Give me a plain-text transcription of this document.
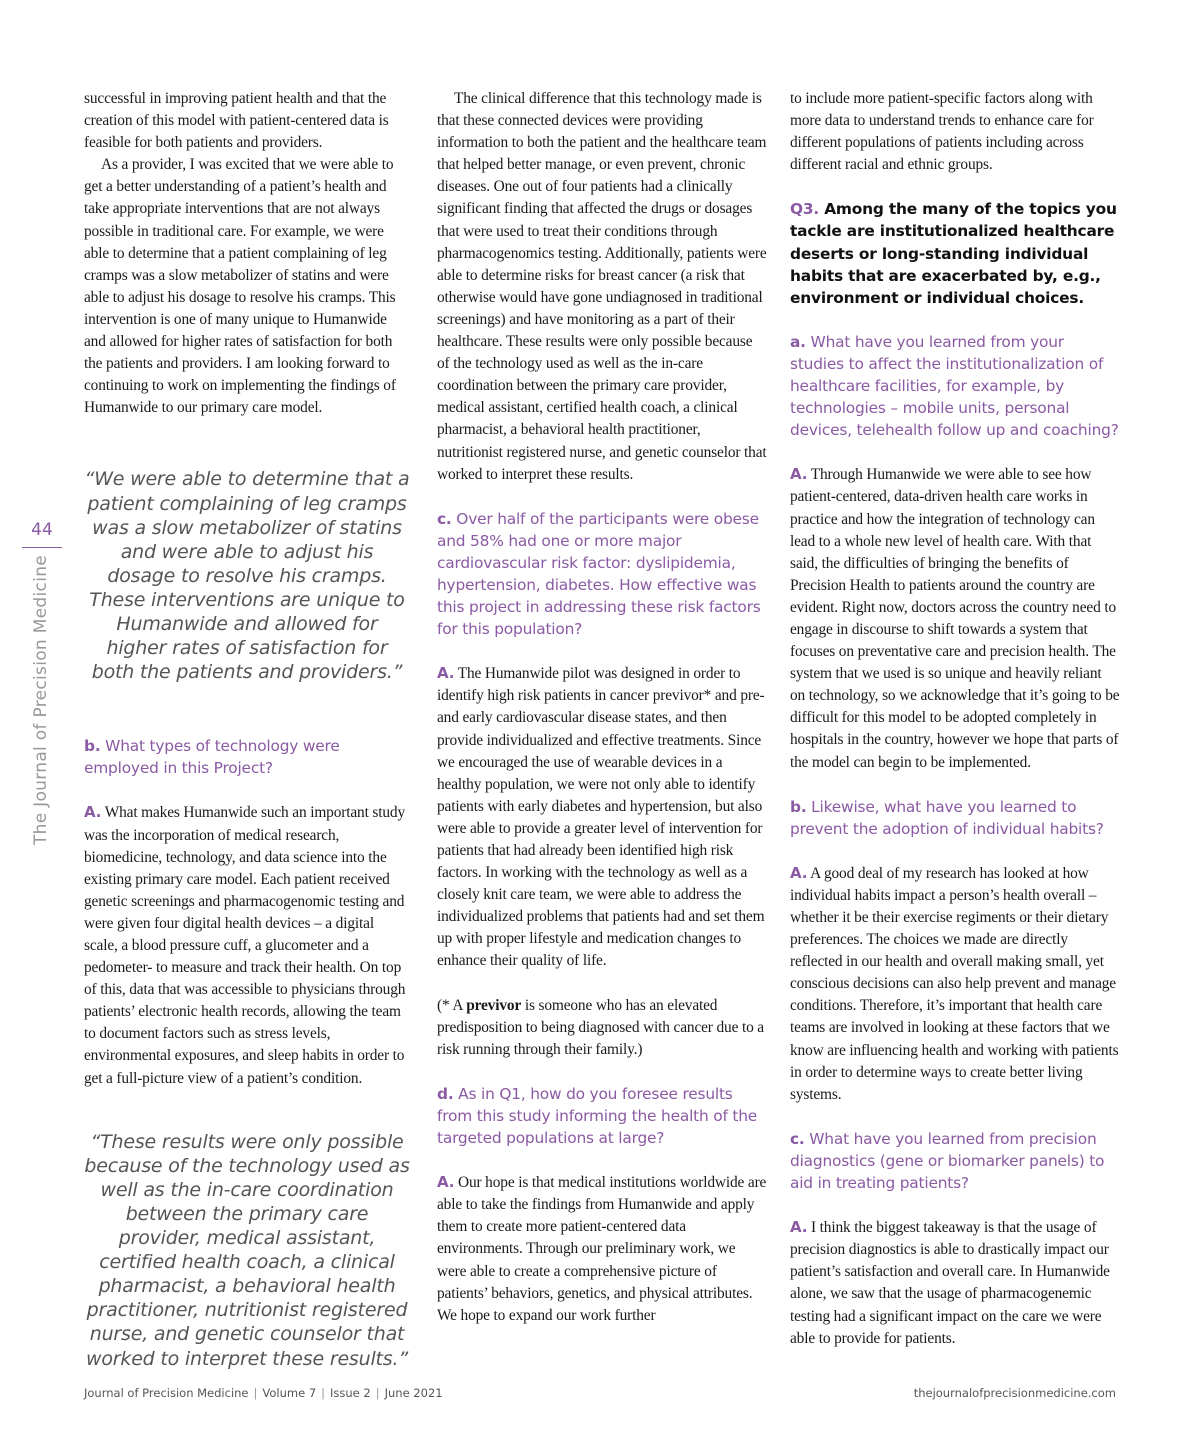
44
The Journal of Precision Medicine

successful in improving patient health and that the creation of this model with patient-centered data is feasible for both patients and providers.

As a provider, I was excited that we were able to get a better understanding of a patient’s health and take appropriate interventions that are not always possible in traditional care. For example, we were able to determine that a patient complaining of leg cramps was a slow metabolizer of statins and were able to adjust his dosage to resolve his cramps. This intervention is one of many unique to Humanwide and allowed for higher rates of satisfaction for both the patients and providers. I am looking forward to continuing to work on implementing the findings of Humanwide to our primary care model.

“We were able to determine that a patient complaining of leg cramps was a slow metabolizer of statins and were able to adjust his dosage to resolve his cramps. These interventions are unique to Humanwide and allowed for higher rates of satisfaction for both the patients and providers.”

b. What types of technology were employed in this Project?

A. What makes Humanwide such an important study was the incorporation of medical research, biomedicine, technology, and data science into the existing primary care model. Each patient received genetic screenings and pharmacogenomic testing and were given four digital health devices – a digital scale, a blood pressure cuff, a glucometer and a pedometer- to measure and track their health. On top of this, data that was accessible to physicians through patients’ electronic health records, allowing the team to document factors such as stress levels, environmental exposures, and sleep habits in order to get a full-picture view of a patient’s condition.

“These results were only possible because of the technology used as well as the in-care coordination between the primary care provider, medical assistant, certified health coach, a clinical pharmacist, a behavioral health practitioner, nutritionist registered nurse, and genetic counselor that worked to interpret these results.”

The clinical difference that this technology made is that these connected devices were providing information to both the patient and the healthcare team that helped better manage, or even prevent, chronic diseases. One out of four patients had a clinically significant finding that affected the drugs or dosages that were used to treat their conditions through pharmacogenomics testing. Additionally, patients were able to determine risks for breast cancer (a risk that otherwise would have gone undiagnosed in traditional screenings) and have monitoring as a part of their healthcare. These results were only possible because of the technology used as well as the in-care coordination between the primary care provider, medical assistant, certified health coach, a clinical pharmacist, a behavioral health practitioner, nutritionist registered nurse, and genetic counselor that worked to interpret these results.

c. Over half of the participants were obese and 58% had one or more major cardiovascular risk factor: dyslipidemia, hypertension, diabetes. How effective was this project in addressing these risk factors for this population?

A. The Humanwide pilot was designed in order to identify high risk patients in cancer previvor* and pre- and early cardiovascular disease states, and then provide individualized and effective treatments. Since we encouraged the use of wearable devices in a healthy population, we were not only able to identify patients with early diabetes and hypertension, but also were able to provide a greater level of intervention for patients that had already been identified high risk factors. In working with the technology as well as a closely knit care team, we were able to address the individualized problems that patients had and set them up with proper lifestyle and medication changes to enhance their quality of life.

(* A previvor is someone who has an elevated predisposition to being diagnosed with cancer due to a risk running through their family.)

d. As in Q1, how do you foresee results from this study informing the health of the targeted populations at large?

A. Our hope is that medical institutions worldwide are able to take the findings from Humanwide and apply them to create more patient-centered data environments. Through our preliminary work, we were able to create a comprehensive picture of patients’ behaviors, genetics, and physical attributes. We hope to expand our work further

to include more patient-specific factors along with more data to understand trends to enhance care for different populations of patients including across different racial and ethnic groups.

Q3. Among the many of the topics you tackle are institutionalized healthcare deserts or long-standing individual habits that are exacerbated by, e.g., environment or individual choices.

a. What have you learned from your studies to affect the institutionalization of healthcare facilities, for example, by technologies – mobile units, personal devices, telehealth follow up and coaching?

A. Through Humanwide we were able to see how patient-centered, data-driven health care works in practice and how the integration of technology can lead to a whole new level of health care. With that said, the difficulties of bringing the benefits of Precision Health to patients around the country are evident. Right now, doctors across the country need to engage in discourse to shift towards a system that focuses on preventative care and precision health. The system that we used is so unique and heavily reliant on technology, so we acknowledge that it’s going to be difficult for this model to be adopted completely in hospitals in the country, however we hope that parts of the model can begin to be implemented.

b. Likewise, what have you learned to prevent the adoption of individual habits?

A. A good deal of my research has looked at how individual habits impact a person’s health overall – whether it be their exercise regiments or their dietary preferences. The choices we made are directly reflected in our health and overall making small, yet conscious decisions can also help prevent and manage conditions. Therefore, it’s important that health care teams are involved in looking at these factors that we know are influencing health and working with patients in order to determine ways to create better living systems.

c. What have you learned from precision diagnostics (gene or biomarker panels) to aid in treating patients?

A. I think the biggest takeaway is that the usage of precision diagnostics is able to drastically impact our patient’s satisfaction and overall care. In Humanwide alone, we saw that the usage of pharmacogenemic testing had a significant impact on the care we were able to provide for patients.

Journal of Precision Medicine | Volume 7 | Issue 2 | June 2021	thejournalofprecisionmedicine.com
